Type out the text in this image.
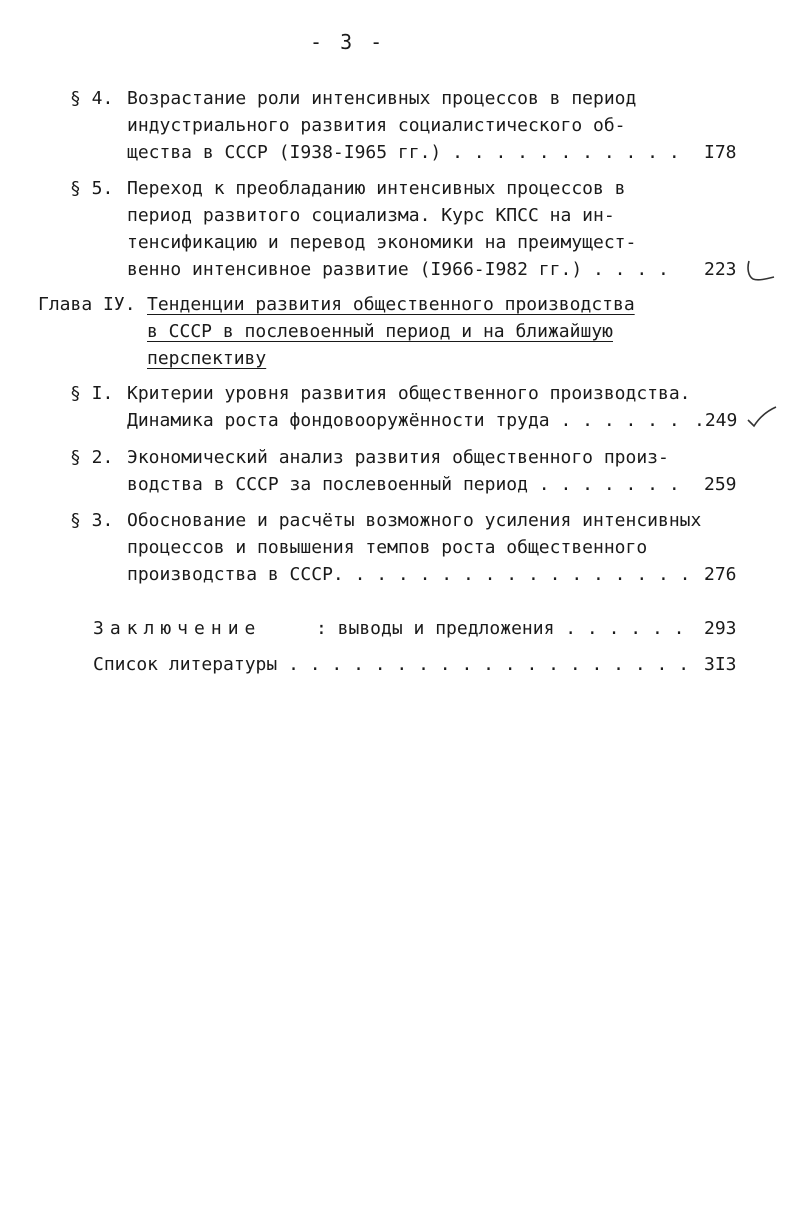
- 3 -
§ 4. Возрастание роли интенсивных процессов в период
индустриального развития социалистического об-
щества в СССР (I938-I965 гг.) . . . . . . . . . . . I78
§ 5. Переход к преобладанию интенсивных процессов в
период развитого социализма. Курс КПСС на ин-
тенсификацию и перевод экономики на преимущест-
венно интенсивное развитие (I966-I982 гг.) . . . . 223
Глава IУ. Тенденции развития общественного производства
в СССР в послевоенный период и на ближайшую
перспективу
§ I. Критерии уровня развития общественного производства.
Динамика роста фондовооружённости труда . . . . . . .249
§ 2. Экономический анализ развития общественного произ-
водства в СССР за послевоенный период . . . . . . . 259
§ 3. Обоснование и расчёты возможного усиления интенсивных
процессов и повышения темпов роста общественного
производства в СССР. . . . . . . . . . . . . . . . . .
276
Заключение	: выводы и предложения . . . . . . 293
Список литературы . . . . . . . . . . . . . . . . . . . 3I3
